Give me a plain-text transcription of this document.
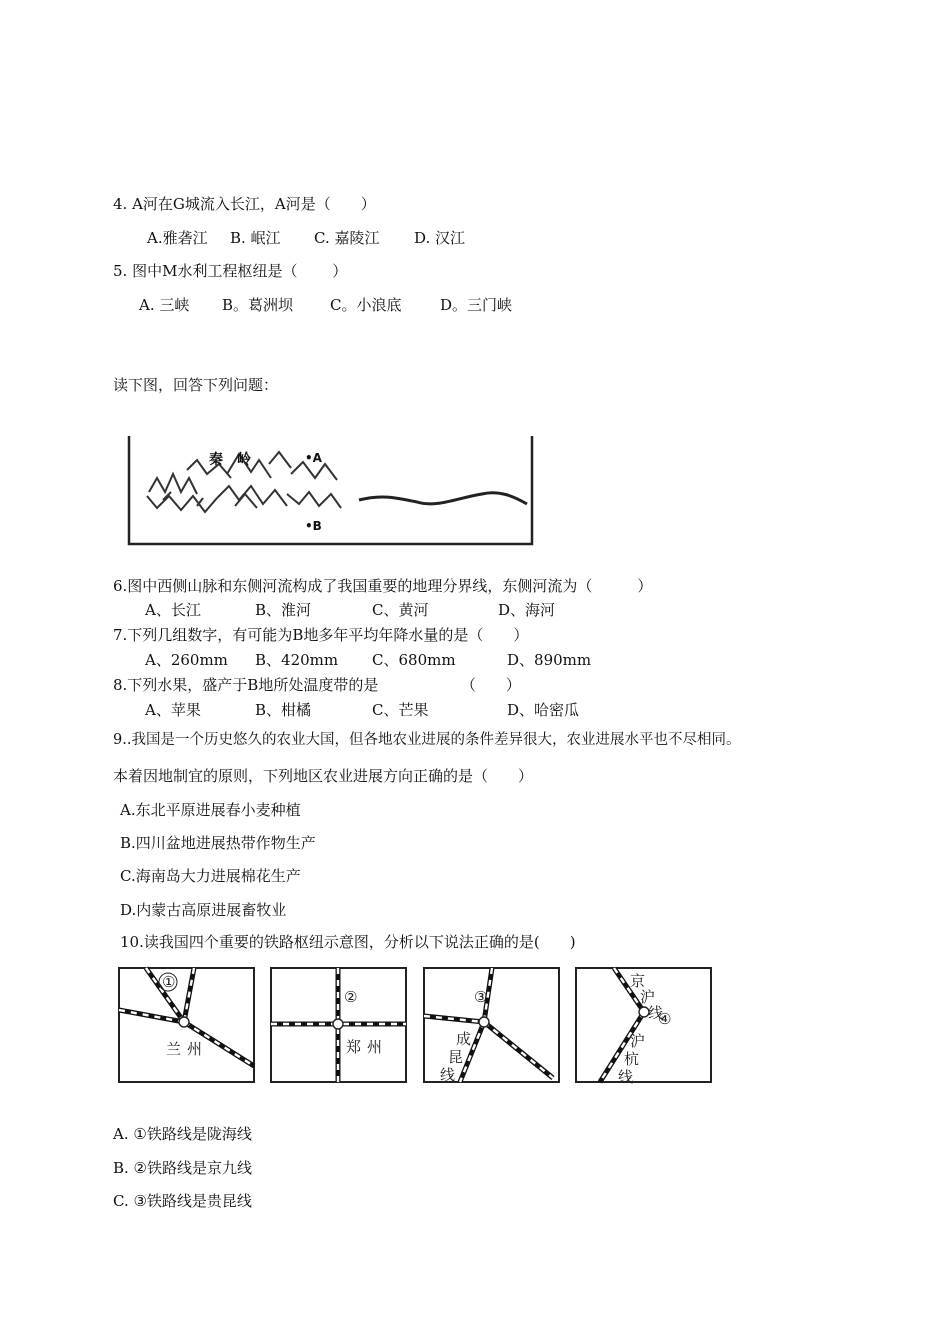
4. A河在G城流入长江，A河是（　　）
A.雅砻江 B. 岷江 C. 嘉陵江 D. 汉江
5. 图中M水利工程枢纽是（　　 ）
A. 三峡 B。葛洲坝 C。小浪底	D。三门峡
读下图，回答下列问题：
秦　岭	•A
•B
6.图中西侧山脉和东侧河流构成了我国重要的地理分界线，东侧河流为（　　　）
A、长江	B、淮河	C、黄河	D、海河
7.下列几组数字，有可能为B地多年平均年降水量的是（　　）
A、260mm B、420mm C、680mm	D、890mm
8.下列水果，盛产于B地所处温度带的是　　　　　　（　　）
A、苹果	B、柑橘	C、芒果	D、哈密瓜
9..我国是一个历史悠久的农业大国，但各地农业进展的条件差异很大，农业进展水平也不尽相同。
本着因地制宜的原则，下列地区农业进展方向正确的是（　　）
A.东北平原进展春小麦种植
B.四川盆地进展热带作物生产
C.海南岛大力进展棉花生产
D.内蒙古高原进展畜牧业
10.读我国四个重要的铁路枢纽示意图，分析以下说法正确的是(　　)
①
兰州
②
郑州
③
成
昆
线
④
京
沪
线
沪
杭
线
A. ①铁路线是陇海线
B. ②铁路线是京九线
C. ③铁路线是贵昆线
